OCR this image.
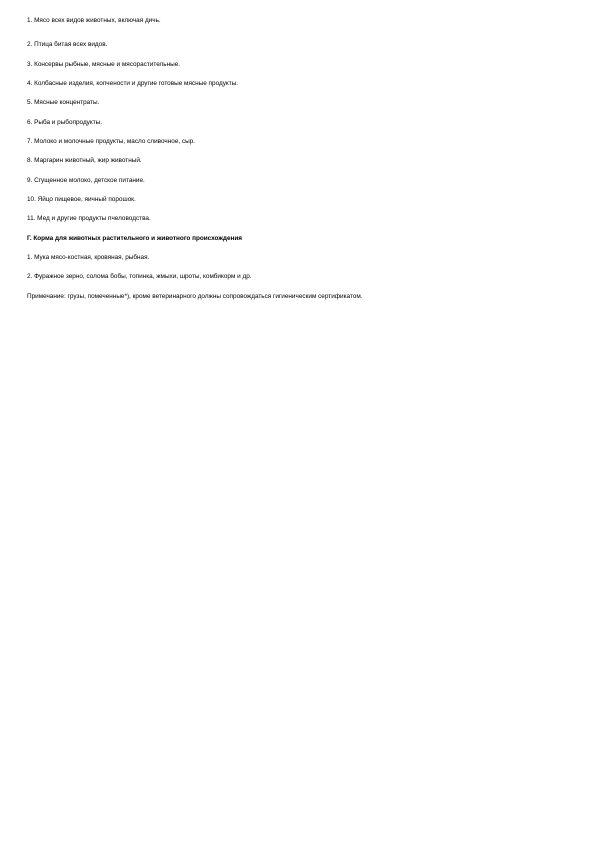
1. Мясо всех видов животных, включая дичь.
2. Птица битая всех видов.
3. Консервы рыбные, мясные и мясорастительные.
4. Колбасные изделия, копчености и другие готовые мясные продукты.
5. Мясные концентраты.
6. Рыба и рыбопродукты.
7. Молоко и молочные продукты, масло сливочное, сыр.
8. Маргарин животный, жир животный.
9. Сгущенное молоко, детское питание.
10. Яйцо пищевое, яичный порошок.
11. Мед и другие продукты пчеловодства.
Г. Корма для животных растительного и животного происхождения
1. Мука мясо-костная, кровяная, рыбная.
2. Фуражное зерно, солома бобы, топинка, жмыхи, шроты, комбикорм и др.
Примечание: грузы, помеченные*), кроме ветеринарного должны сопровождаться гигиеническим сертификатом.
